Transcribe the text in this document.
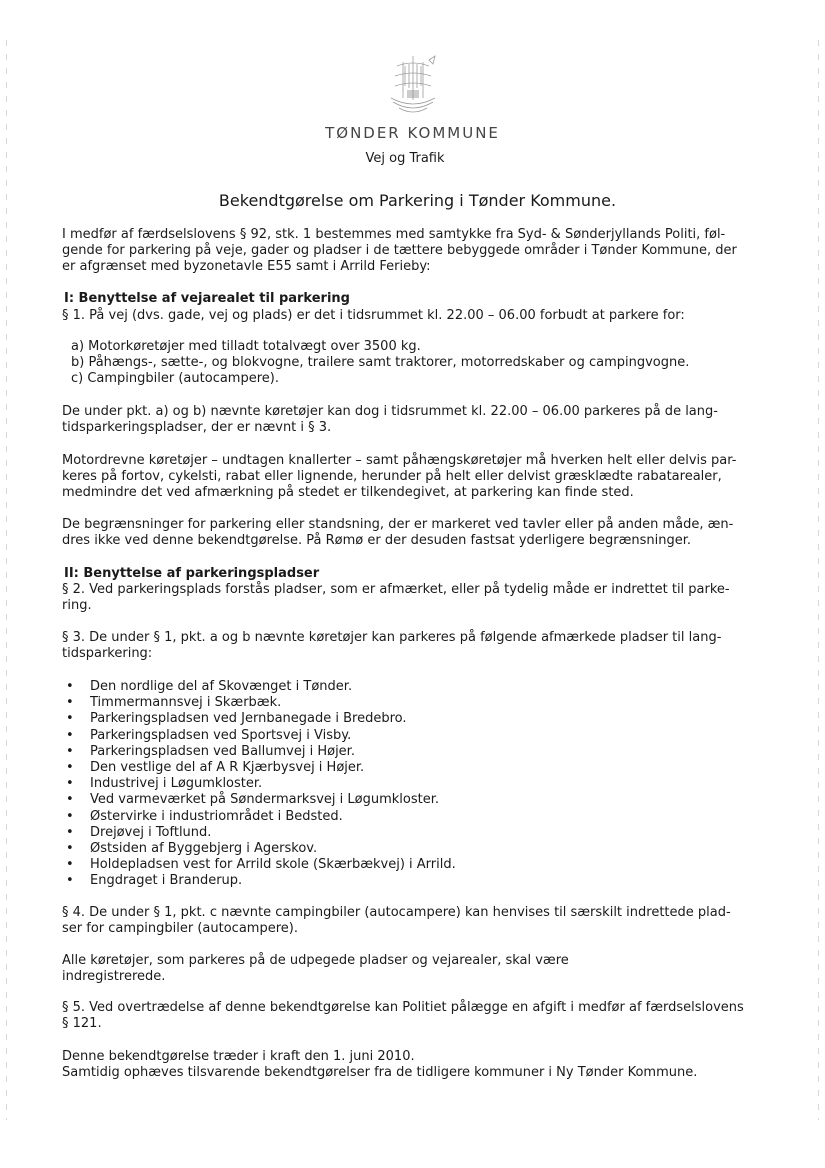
TØNDER KOMMUNE
Vej og Trafik
Bekendtgørelse om Parkering i Tønder Kommune.

I medfør af færdselslovens § 92, stk. 1 bestemmes med samtykke fra Syd- & Sønderjyllands Politi, føl-

gende for parkering på veje, gader og pladser i de tættere bebyggede områder i Tønder Kommune, der

er afgrænset med byzonetavle E55 samt i Arrild Ferieby:

I: Benyttelse af vejarealet til parkering

§ 1. På vej (dvs. gade, vej og plads) er det i tidsrummet kl. 22.00 – 06.00 forbudt at parkere for:

a) Motorkøretøjer med tilladt totalvægt over 3500 kg.
b) Påhængs-, sætte-, og blokvogne, trailere samt traktorer, motorredskaber og campingvogne.
c) Campingbiler (autocampere).

De under pkt. a) og b) nævnte køretøjer kan dog i tidsrummet kl. 22.00 – 06.00 parkeres på de lang-

tidsparkeringspladser, der er nævnt i § 3.

Motordrevne køretøjer – undtagen knallerter – samt påhængskøretøjer må hverken helt eller delvis par-

keres på fortov, cykelsti, rabat eller lignende, herunder på helt eller delvist græsklædte rabatarealer,

medmindre det ved afmærkning på stedet er tilkendegivet, at parkering kan finde sted.

De begrænsninger for parkering eller standsning, der er markeret ved tavler eller på anden måde, æn-

dres ikke ved denne bekendtgørelse. På Rømø er der desuden fastsat yderligere begrænsninger.

II: Benyttelse af parkeringspladser

§ 2. Ved parkeringsplads forstås pladser, som er afmærket, eller på tydelig måde er indrettet til parke-

ring.

§ 3. De under § 1, pkt. a og b nævnte køretøjer kan parkeres på følgende afmærkede pladser til lang-

tidsparkering:

• Den nordlige del af Skovænget i Tønder.
• Timmermannsvej i Skærbæk.
• Parkeringspladsen ved Jernbanegade i Bredebro.
• Parkeringspladsen ved Sportsvej i Visby.
• Parkeringspladsen ved Ballumvej i Højer.
• Den vestlige del af A R Kjærbysvej i Højer.
• Industrivej i Løgumkloster.
• Ved varmeværket på Søndermarksvej i Løgumkloster.
• Østervirke i industriområdet i Bedsted.
• Drejøvej i Toftlund.
• Østsiden af Byggebjerg i Agerskov.
• Holdepladsen vest for Arrild skole (Skærbækvej) i Arrild.
• Engdraget i Branderup.

§ 4. De under § 1, pkt. c nævnte campingbiler (autocampere) kan henvises til særskilt indrettede plad-

ser for campingbiler (autocampere).

Alle køretøjer, som parkeres på de udpegede pladser og vejarealer, skal være

indregistrerede.

§ 5. Ved overtrædelse af denne bekendtgørelse kan Politiet pålægge en afgift i medfør af færdselslovens

§ 121.

Denne bekendtgørelse træder i kraft den 1. juni 2010.

Samtidig ophæves tilsvarende bekendtgørelser fra de tidligere kommuner i Ny Tønder Kommune.
